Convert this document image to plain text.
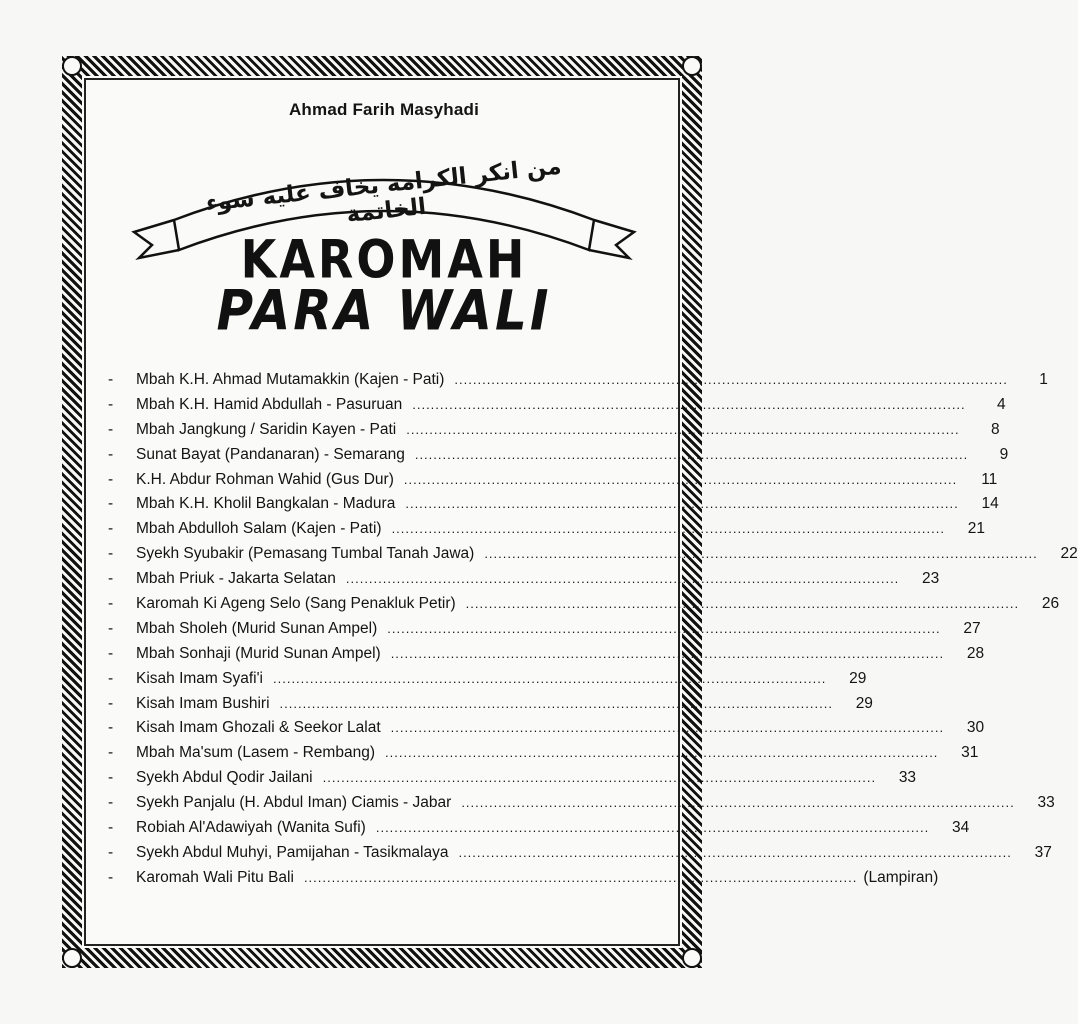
Ahmad Farih Masyhadi
من انكر الكرامة يخاف عليه سوء الخاتمة
KAROMAH
PARA WALI
-	Mbah K.H. Ahmad Mutamakkin (Kajen - Pati) ........................................................................................................................	1
-	Mbah K.H. Hamid Abdullah - Pasuruan ........................................................................................................................	4
-	Mbah Jangkung / Saridin Kayen - Pati ........................................................................................................................	8
-	Sunat Bayat (Pandanaran) - Semarang ........................................................................................................................	9
-	K.H. Abdur Rohman Wahid (Gus Dur) ........................................................................................................................	11
-	Mbah K.H. Kholil Bangkalan - Madura ........................................................................................................................	14
-	Mbah Abdulloh Salam (Kajen - Pati) ........................................................................................................................	21
-	Syekh Syubakir (Pemasang Tumbal Tanah Jawa) ........................................................................................................................	22
-	Mbah Priuk - Jakarta Selatan ........................................................................................................................	23
-	Karomah Ki Ageng Selo (Sang Penakluk Petir) ........................................................................................................................	26
-	Mbah Sholeh (Murid Sunan Ampel) ........................................................................................................................	27
-	Mbah Sonhaji (Murid Sunan Ampel) ........................................................................................................................	28
-	Kisah Imam Syafi'i ........................................................................................................................	29
-	Kisah Imam Bushiri ........................................................................................................................	29
-	Kisah Imam Ghozali & Seekor Lalat ........................................................................................................................	30
-	Mbah Ma'sum (Lasem - Rembang) ........................................................................................................................	31
-	Syekh Abdul Qodir Jailani ........................................................................................................................	33
-	Syekh Panjalu (H. Abdul Iman) Ciamis - Jabar ........................................................................................................................	33
-	Robiah Al'Adawiyah (Wanita Sufi) ........................................................................................................................	34
-	Syekh Abdul Muhyi, Pamijahan - Tasikmalaya ........................................................................................................................	37
-	Karomah Wali Pitu Bali ........................................................................................................................ (Lampiran)
